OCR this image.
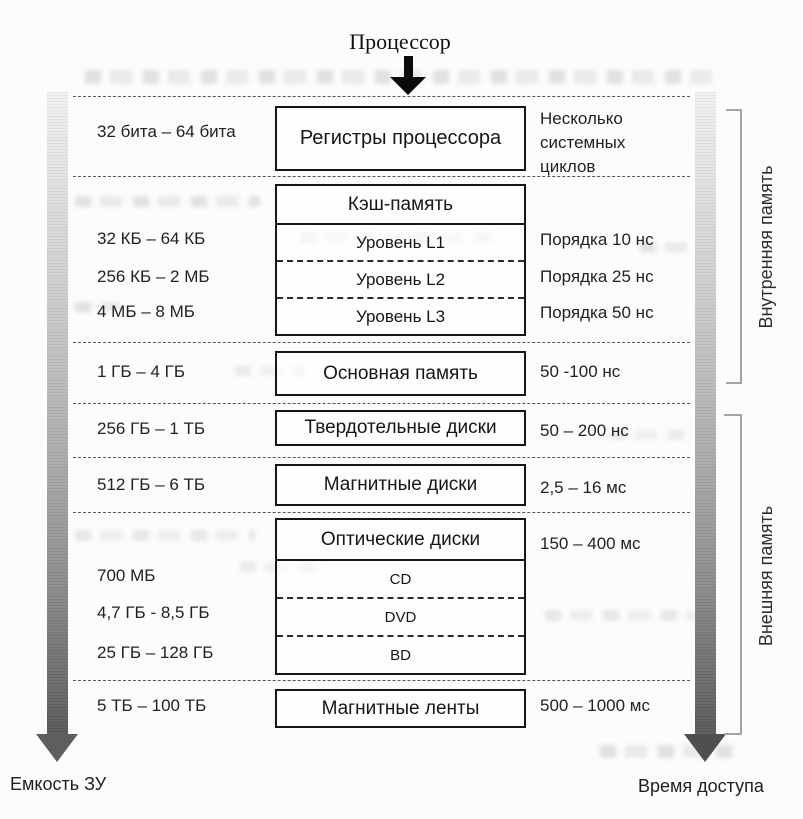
Процессор
Емкость ЗУ	Время доступа
Внутренняя память
Внешняя память
32 бита – 64 бита
32 КБ – 64 КБ
256 КБ – 2 МБ
4 МБ – 8 МБ
1 ГБ – 4 ГБ
256 ГБ – 1 ТБ
512 ГБ – 6 ТБ
700 МБ
4,7 ГБ - 8,5 ГБ
25 ГБ – 128 ГБ
5 ТБ – 100 ТБ
Регистры процессора
Кэш-память
Уровень L1
Уровень L2
Уровень L3
Основная память
Твердотельные диски
Магнитные диски
Оптические диски
CD
DVD
BD
Магнитные ленты
Несколько системных циклов
Порядка 10 нс
Порядка 25 нс
Порядка 50 нс
50 -100 нс
50 – 200 нс
2,5 – 16 мс
150 – 400 мс
500 – 1000 мс
